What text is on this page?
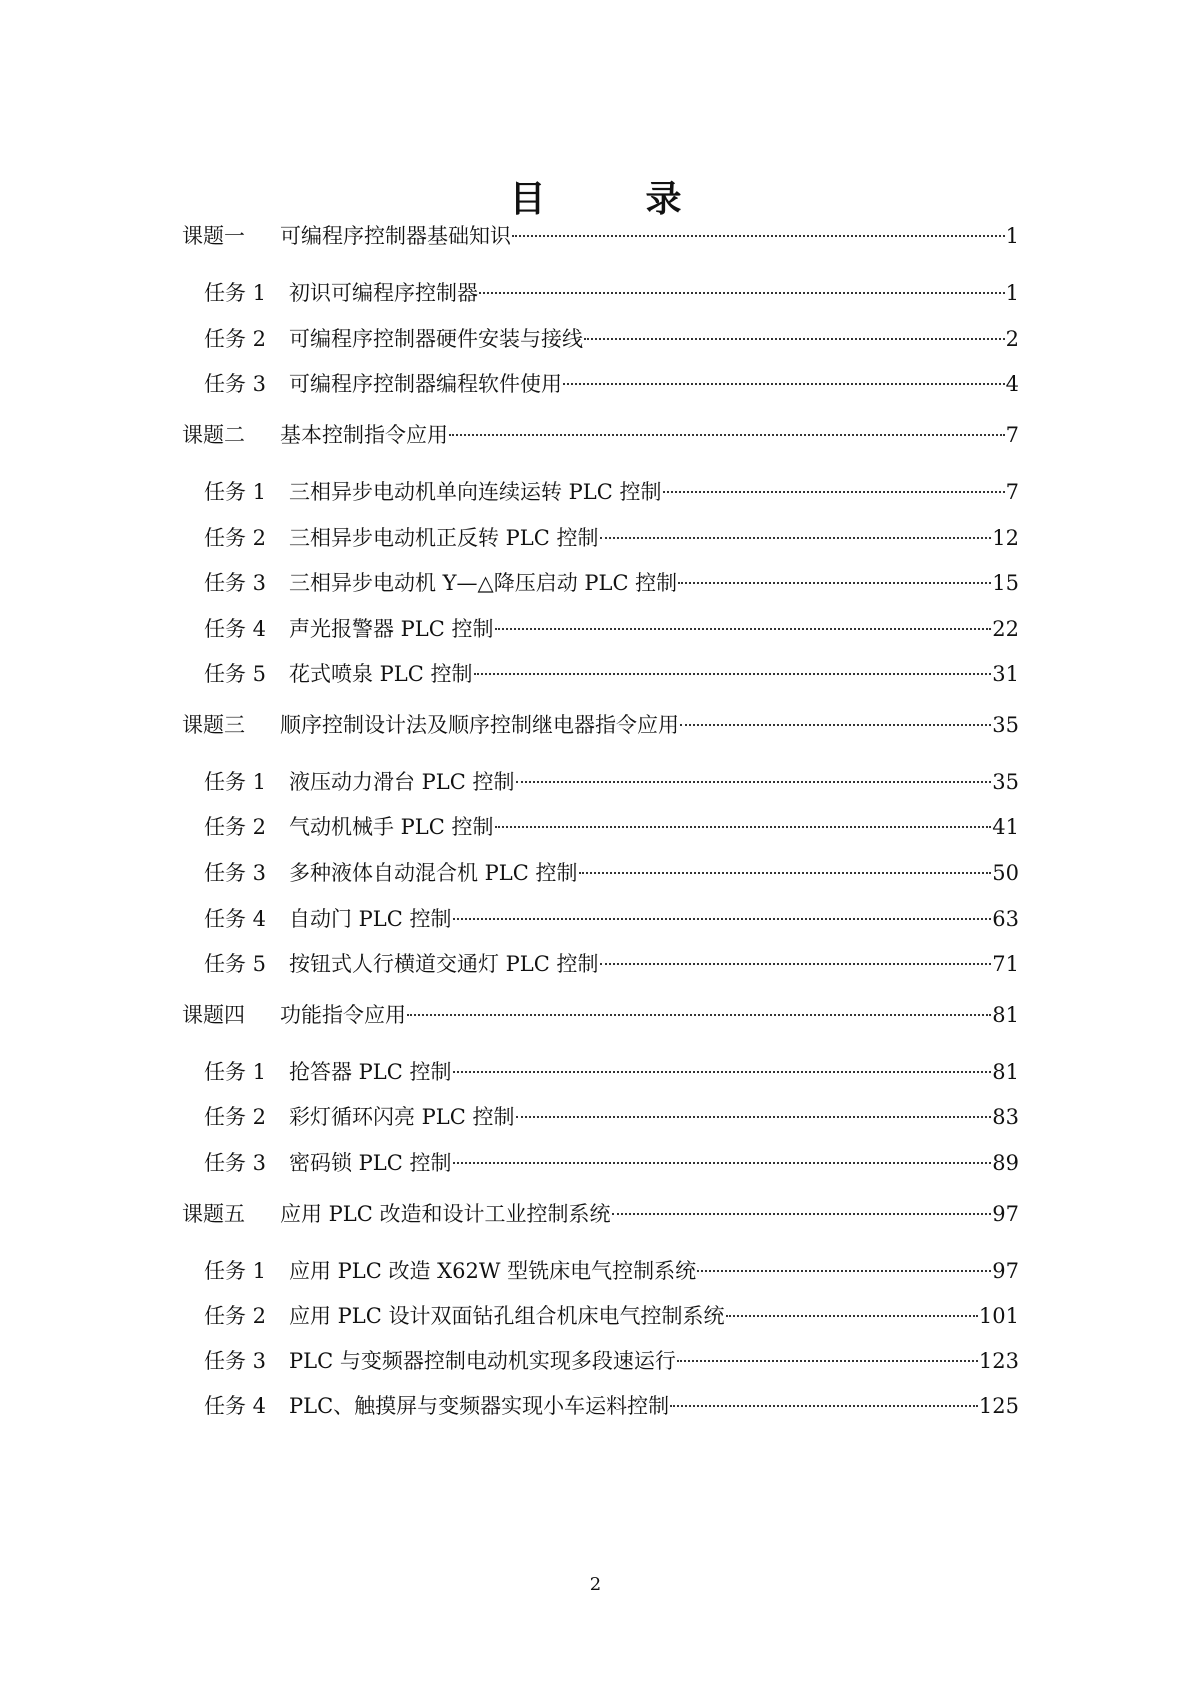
目　录
课题一	可编程序控制器基础知识	1
任务 1	初识可编程序控制器	1
任务 2	可编程序控制器硬件安装与接线	2
任务 3	可编程序控制器编程软件使用	4
课题二	基本控制指令应用	7
任务 1	三相异步电动机单向连续运转 PLC 控制	7
任务 2	三相异步电动机正反转 PLC 控制	12
任务 3	三相异步电动机 Y—△降压启动 PLC 控制	15
任务 4	声光报警器 PLC 控制	22
任务 5	花式喷泉 PLC 控制	31
课题三	顺序控制设计法及顺序控制继电器指令应用	35
任务 1	液压动力滑台 PLC 控制	35
任务 2	气动机械手 PLC 控制	41
任务 3	多种液体自动混合机 PLC 控制	50
任务 4	自动门 PLC 控制	63
任务 5	按钮式人行横道交通灯 PLC 控制	71
课题四	功能指令应用	81
任务 1	抢答器 PLC 控制	81
任务 2	彩灯循环闪亮 PLC 控制	83
任务 3	密码锁 PLC 控制	89
课题五	应用 PLC 改造和设计工业控制系统	97
任务 1	应用 PLC 改造 X62W 型铣床电气控制系统	97
任务 2	应用 PLC 设计双面钻孔组合机床电气控制系统	101
任务 3	PLC 与变频器控制电动机实现多段速运行	123
任务 4	PLC、触摸屏与变频器实现小车运料控制	125
2
